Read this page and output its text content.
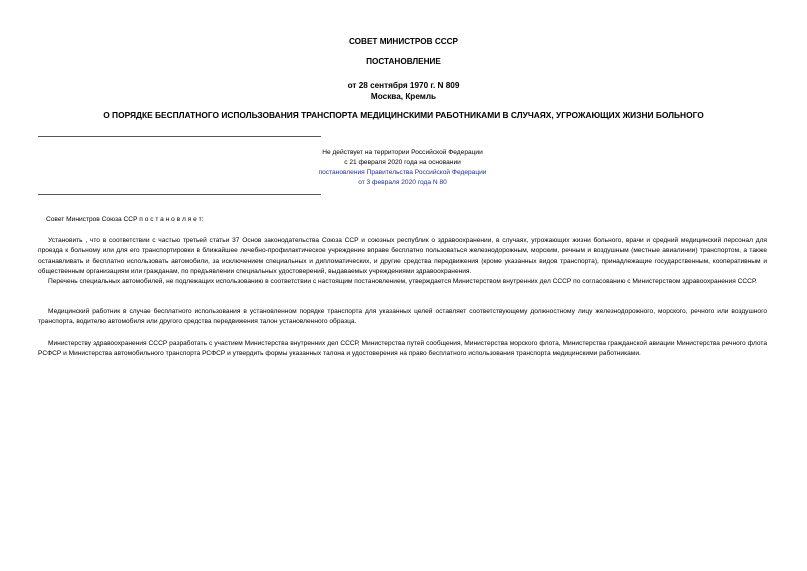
СОВЕТ МИНИСТРОВ СССР
ПОСТАНОВЛЕНИЕ
от 28 сентября 1970 г. N 809
Москва, Кремль
О ПОРЯДКЕ БЕСПЛАТНОГО ИСПОЛЬЗОВАНИЯ ТРАНСПОРТА МЕДИЦИНСКИМИ РАБОТНИКАМИ В СЛУЧАЯХ, УГРОЖАЮЩИХ ЖИЗНИ БОЛЬНОГО
Не действует на территории Российской Федерации
с 21 февраля 2020 года на основании
постановления Правительства Российской Федерации
от 3 февраля 2020 года N 80

Совет Министров Союза ССР п о с т а н о в л я е т:

Установить , что в соответствии с частью третьей статьи 37 Основ законодательства Союза ССР и союзных республик о здравоохранении, в случаях, угрожающих жизни больного, врачи и средний медицинский персонал для проезда к больному или для его транспортировки в ближайшее лечебно-профилактическое учреждение вправе бесплатно пользоваться железнодорожным, морским, речным и воздушным (местные авиалинии) транспортом, а также останавливать и бесплатно использовать автомобили, за исключением специальных и дипломатических, и другие средства передвижения (кроме указанных видов транспорта), принадлежащие государственным, кооперативным и общественным организациям или гражданам, по предъявлении специальных удостоверений, выдаваемых учреждениями здравоохранения.

Перечень специальных автомобилей, не подлежащих использованию в соответствии с настоящим постановлением, утверждается Министерством внутренних дел СССР по согласованию с Министерством здравоохранения СССР.

Медицинский работник в случае бесплатного использования в установленном порядке транспорта для указанных целей оставляет соответствующему должностному лицу железнодорожного, морского, речного или воздушного транспорта, водителю автомобиля или другого средства передвижения талон установленного образца.

Министерству здравоохранения СССР разработать с участием Министерства внутренних дел СССР, Министерства путей сообщения, Министерства морского флота, Министерства гражданской авиации Министерства речного флота РСФСР и Министерства автомобильного транспорта РСФСР и утвердить формы указанных талона и удостоверения на право бесплатного использования транспорта медицинскими работниками.
